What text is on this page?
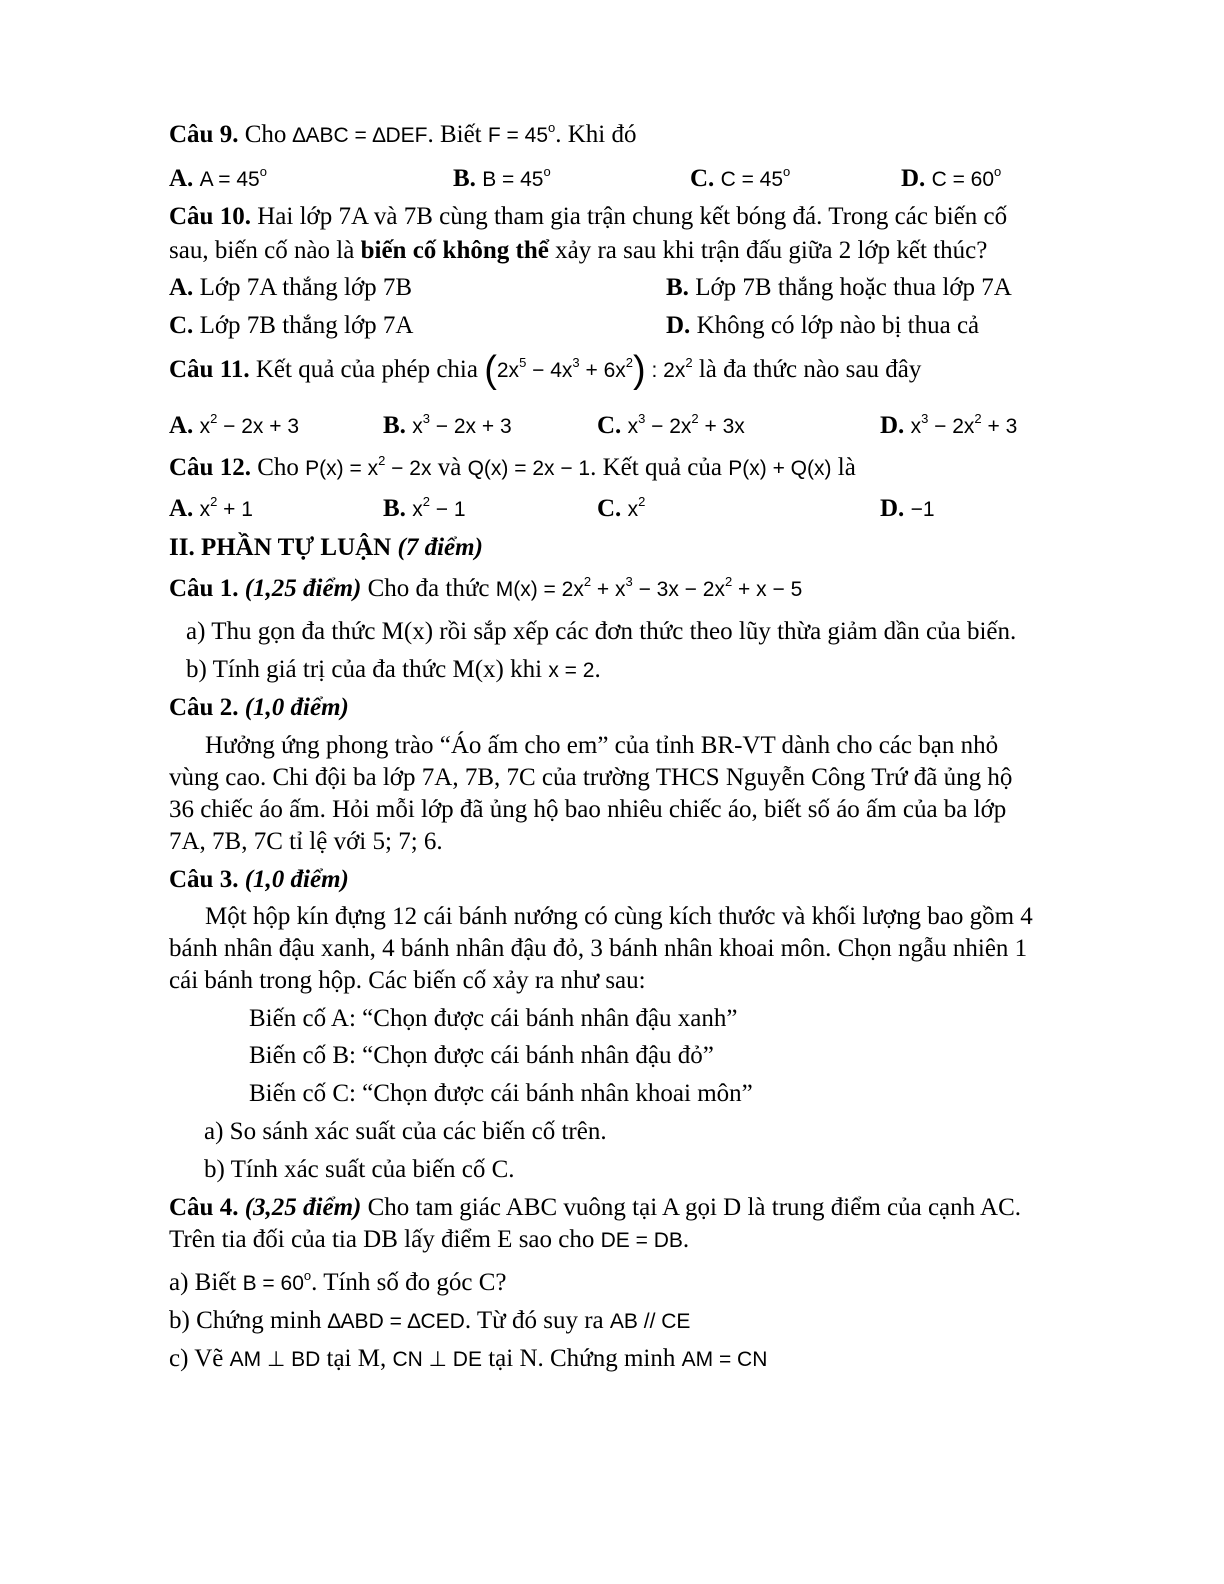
Câu 9. Cho ∆ABC = ∆DEF. Biết $F = 45^o$. Khi đó
A. $A = 45^o$	B. $B = 45^o$	C. $C = 45^o$	D. $C = 60^o$
Câu 10. Hai lớp 7A và 7B cùng tham gia trận chung kết bóng đá. Trong các biến cố
sau, biến cố nào là biến cố không thể xảy ra sau khi trận đấu giữa 2 lớp kết thúc?
A. Lớp 7A thắng lớp 7B	B. Lớp 7B thắng hoặc thua lớp 7A
C. Lớp 7B thắng lớp 7A	D. Không có lớp nào bị thua cả
Câu 11. Kết quả của phép chia $(2x^5 - 4x^3 + 6x^2)$ : $2x^2$ là đa thức nào sau đây
A. $x^2 - 2x + 3$	B. $x^3 - 2x + 3$	C. $x^3 - 2x^2 + 3x$	D. $x^3 - 2x^2 + 3$
Câu 12. Cho $P(x) = x^2 - 2x$ và Q(x) = 2x − 1. Kết quả của P(x) + Q(x) là
A. $x^2 + 1$	B. $x^2 - 1$	C. $x^2$	D. −1
II. PHẦN TỰ LUẬN (7 điểm)
Câu 1. (1,25 điểm) Cho đa thức $M(x) = 2x^2 + x^3 - 3x - 2x^2 + x - 5$
a) Thu gọn đa thức M(x) rồi sắp xếp các đơn thức theo lũy thừa giảm dần của biến.
b) Tính giá trị của đa thức M(x) khi x = 2.
Câu 2. (1,0 điểm)
Hưởng ứng phong trào “Áo ấm cho em” của tỉnh BR-VT dành cho các bạn nhỏ
vùng cao. Chi đội ba lớp 7A, 7B, 7C của trường THCS Nguyễn Công Trứ đã ủng hộ
36 chiếc áo ấm. Hỏi mỗi lớp đã ủng hộ bao nhiêu chiếc áo, biết số áo ấm của ba lớp
7A, 7B, 7C tỉ lệ với 5; 7; 6.
Câu 3. (1,0 điểm)
Một hộp kín đựng 12 cái bánh nướng có cùng kích thước và khối lượng bao gồm 4
bánh nhân đậu xanh, 4 bánh nhân đậu đỏ, 3 bánh nhân khoai môn. Chọn ngẫu nhiên 1
cái bánh trong hộp. Các biến cố xảy ra như sau:
Biến cố A: “Chọn được cái bánh nhân đậu xanh”
Biến cố B: “Chọn được cái bánh nhân đậu đỏ”
Biến cố C: “Chọn được cái bánh nhân khoai môn”
a) So sánh xác suất của các biến cố trên.
b) Tính xác suất của biến cố C.
Câu 4. (3,25 điểm) Cho tam giác ABC vuông tại A gọi D là trung điểm của cạnh AC.
Trên tia đối của tia DB lấy điểm E sao cho DE = DB.
a) Biết $B = 60^o$. Tính số đo góc C?
b) Chứng minh ∆ABD = ∆CED. Từ đó suy ra AB // CE
c) Vẽ AM ⊥ BD tại M, CN ⊥ DE tại N. Chứng minh AM = CN
